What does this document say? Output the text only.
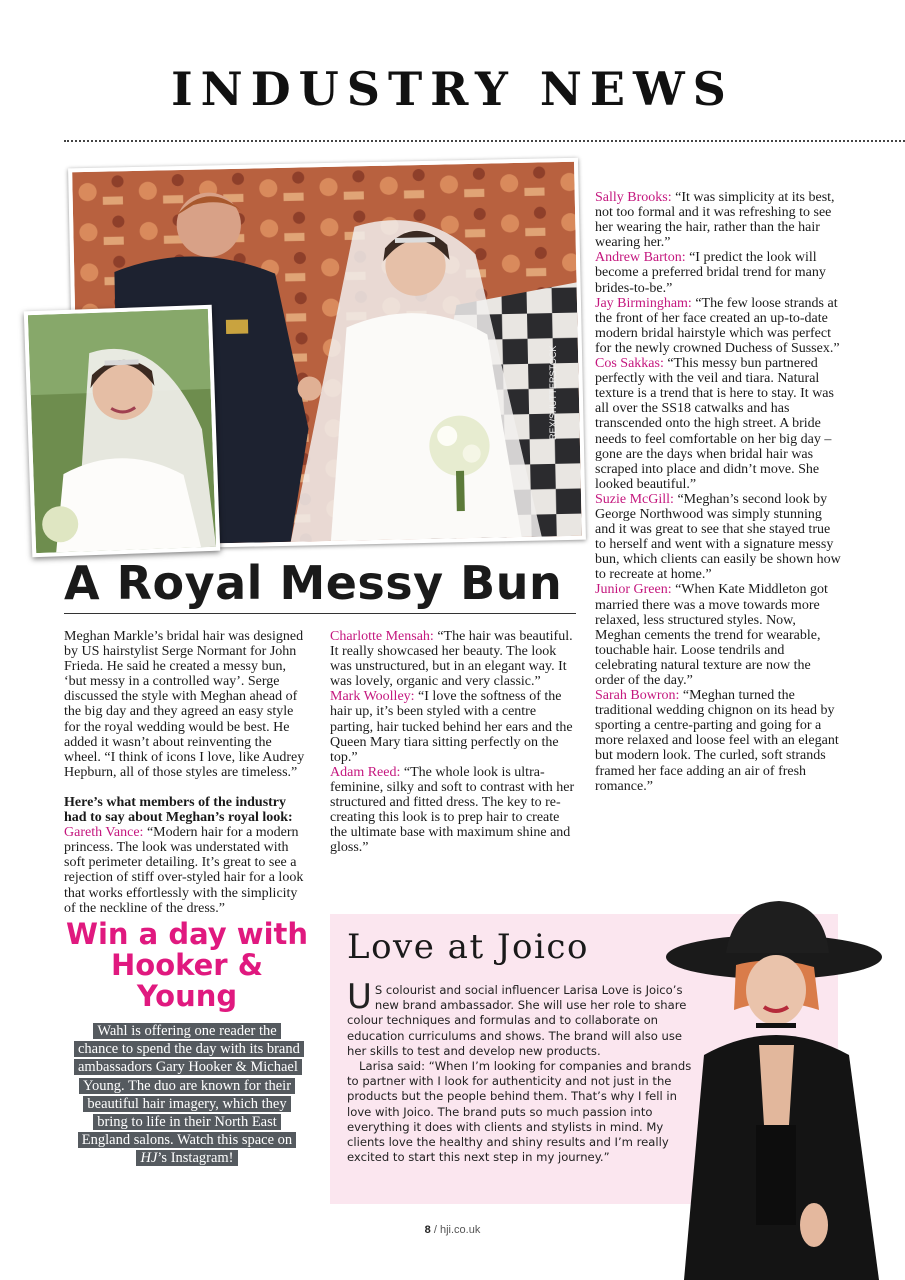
INDUSTRY NEWS
REX/SHUTTERSTOCK
A Royal Messy Bun

Meghan Markle’s bridal hair was designed by US hairstylist Serge Normant for John Frieda. He said he created a messy bun, ‘but messy in a controlled way’. Serge discussed the style with Meghan ahead of the big day and they agreed an easy style for the royal wedding would be best. He added it wasn’t about reinventing the wheel. “I think of icons I love, like Audrey Hepburn, all of those styles are timeless.”

Here’s what members of the industry had to say about Meghan’s royal look:

Gareth Vance: “Modern hair for a modern princess. The look was understated with soft perimeter detailing. It’s great to see a rejection of stiff over-styled hair for a look that works effortlessly with the simplicity of the neckline of the dress.”

Charlotte Mensah: “The hair was beautiful. It really showcased her beauty. The look was unstructured, but in an elegant way. It was lovely, organic and very classic.”

Mark Woolley: “I love the softness of the hair up, it’s been styled with a centre parting, hair tucked behind her ears and the Queen Mary tiara sitting perfectly on the top.”

Adam Reed: “The whole look is ultra-feminine, silky and soft to contrast with her structured and fitted dress. The key to re-creating this look is to prep hair to create the ultimate base with maximum shine and gloss.”

Sally Brooks: “It was simplicity at its best, not too formal and it was refreshing to see her wearing the hair, rather than the hair wearing her.”

Andrew Barton: “I predict the look will become a preferred bridal trend for many brides-to-be.”

Jay Birmingham: “The few loose strands at the front of her face created an up-to-date modern bridal hairstyle which was perfect for the newly crowned Duchess of Sussex.”

Cos Sakkas: “This messy bun partnered perfectly with the veil and tiara. Natural texture is a trend that is here to stay. It was all over the SS18 catwalks and has transcended onto the high street. A bride needs to feel comfortable on her big day – gone are the days when bridal hair was scraped into place and didn’t move. She looked beautiful.”

Suzie McGill: “Meghan’s second look by George Northwood was simply stunning and it was great to see that she stayed true to herself and went with a signature messy bun, which clients can easily be shown how to recreate at home.”

Junior Green: “When Kate Middleton got married there was a move towards more relaxed, less structured styles. Now, Meghan cements the trend for wearable, touchable hair. Loose tendrils and celebrating natural texture are now the order of the day.”

Sarah Bowron: “Meghan turned the traditional wedding chignon on its head by sporting a centre-parting and going for a more relaxed and loose feel with an elegant but modern look. The curled, soft strands framed her face adding an air of fresh romance.”

Win a day with Hooker & Young
Wahl is offering one reader the chance to spend the day with its brand ambassadors Gary Hooker & Michael Young. The duo are known for their beautiful hair imagery, which they bring to life in their North East England salons. Watch this space on HJ’s Instagram!
Love at Joico

U S colourist and social influencer Larisa Love is Joico’s new brand ambassador. She will use her role to share colour techniques and formulas and to collaborate on education curriculums and shows. The brand will also use her skills to test and develop new products.

Larisa said: “When I’m looking for companies and brands to partner with I look for authenticity and not just in the products but the people behind them. That’s why I fell in love with Joico. The brand puts so much passion into everything it does with clients and stylists in mind. My clients love the healthy and shiny results and I’m really excited to start this next step in my journey.”

8 / hji.co.uk
